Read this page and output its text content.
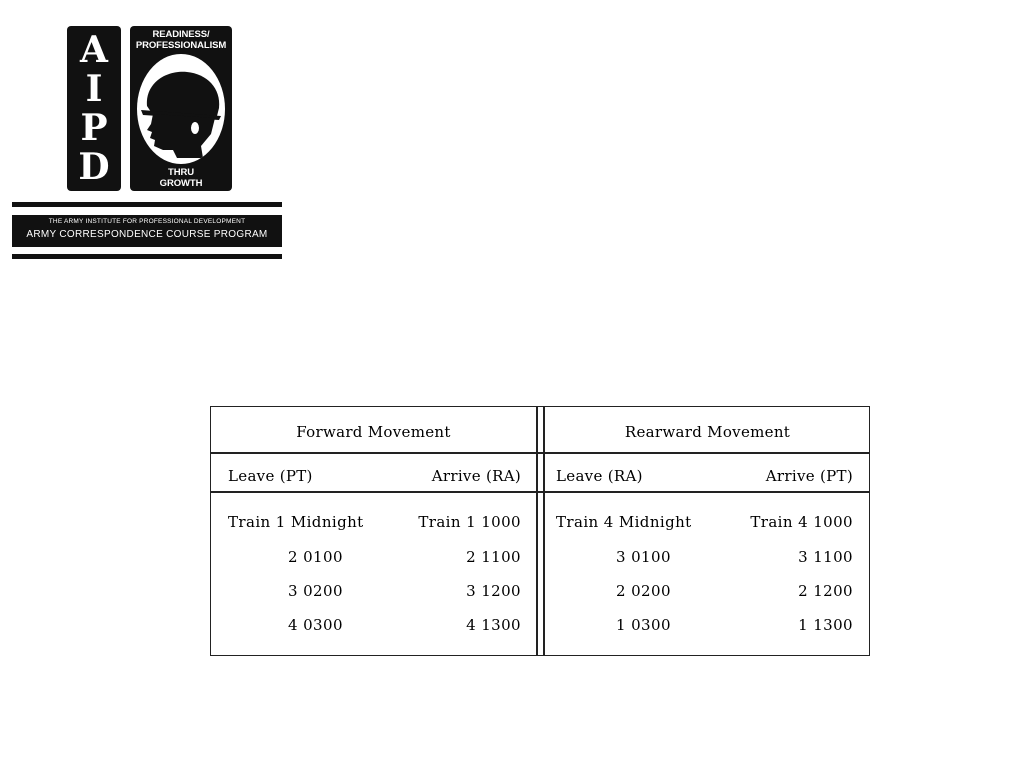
A
I
P
D
READINESS/
PROFESSIONALISM
THRU
GROWTH
THE ARMY INSTITUTE FOR PROFESSIONAL DEVELOPMENT
ARMY CORRESPONDENCE COURSE PROGRAM
Forward Movement
Leave (PT)	Arrive (RA)
Train 1 Midnight	Train 1 1000
2 0100	2 1100
3 0200	3 1200
4 0300	4 1300
Rearward Movement
Leave (RA)	Arrive (PT)
Train 4 Midnight	Train 4 1000
3 0100	3 1100
2 0200	2 1200
1 0300	1 1300
